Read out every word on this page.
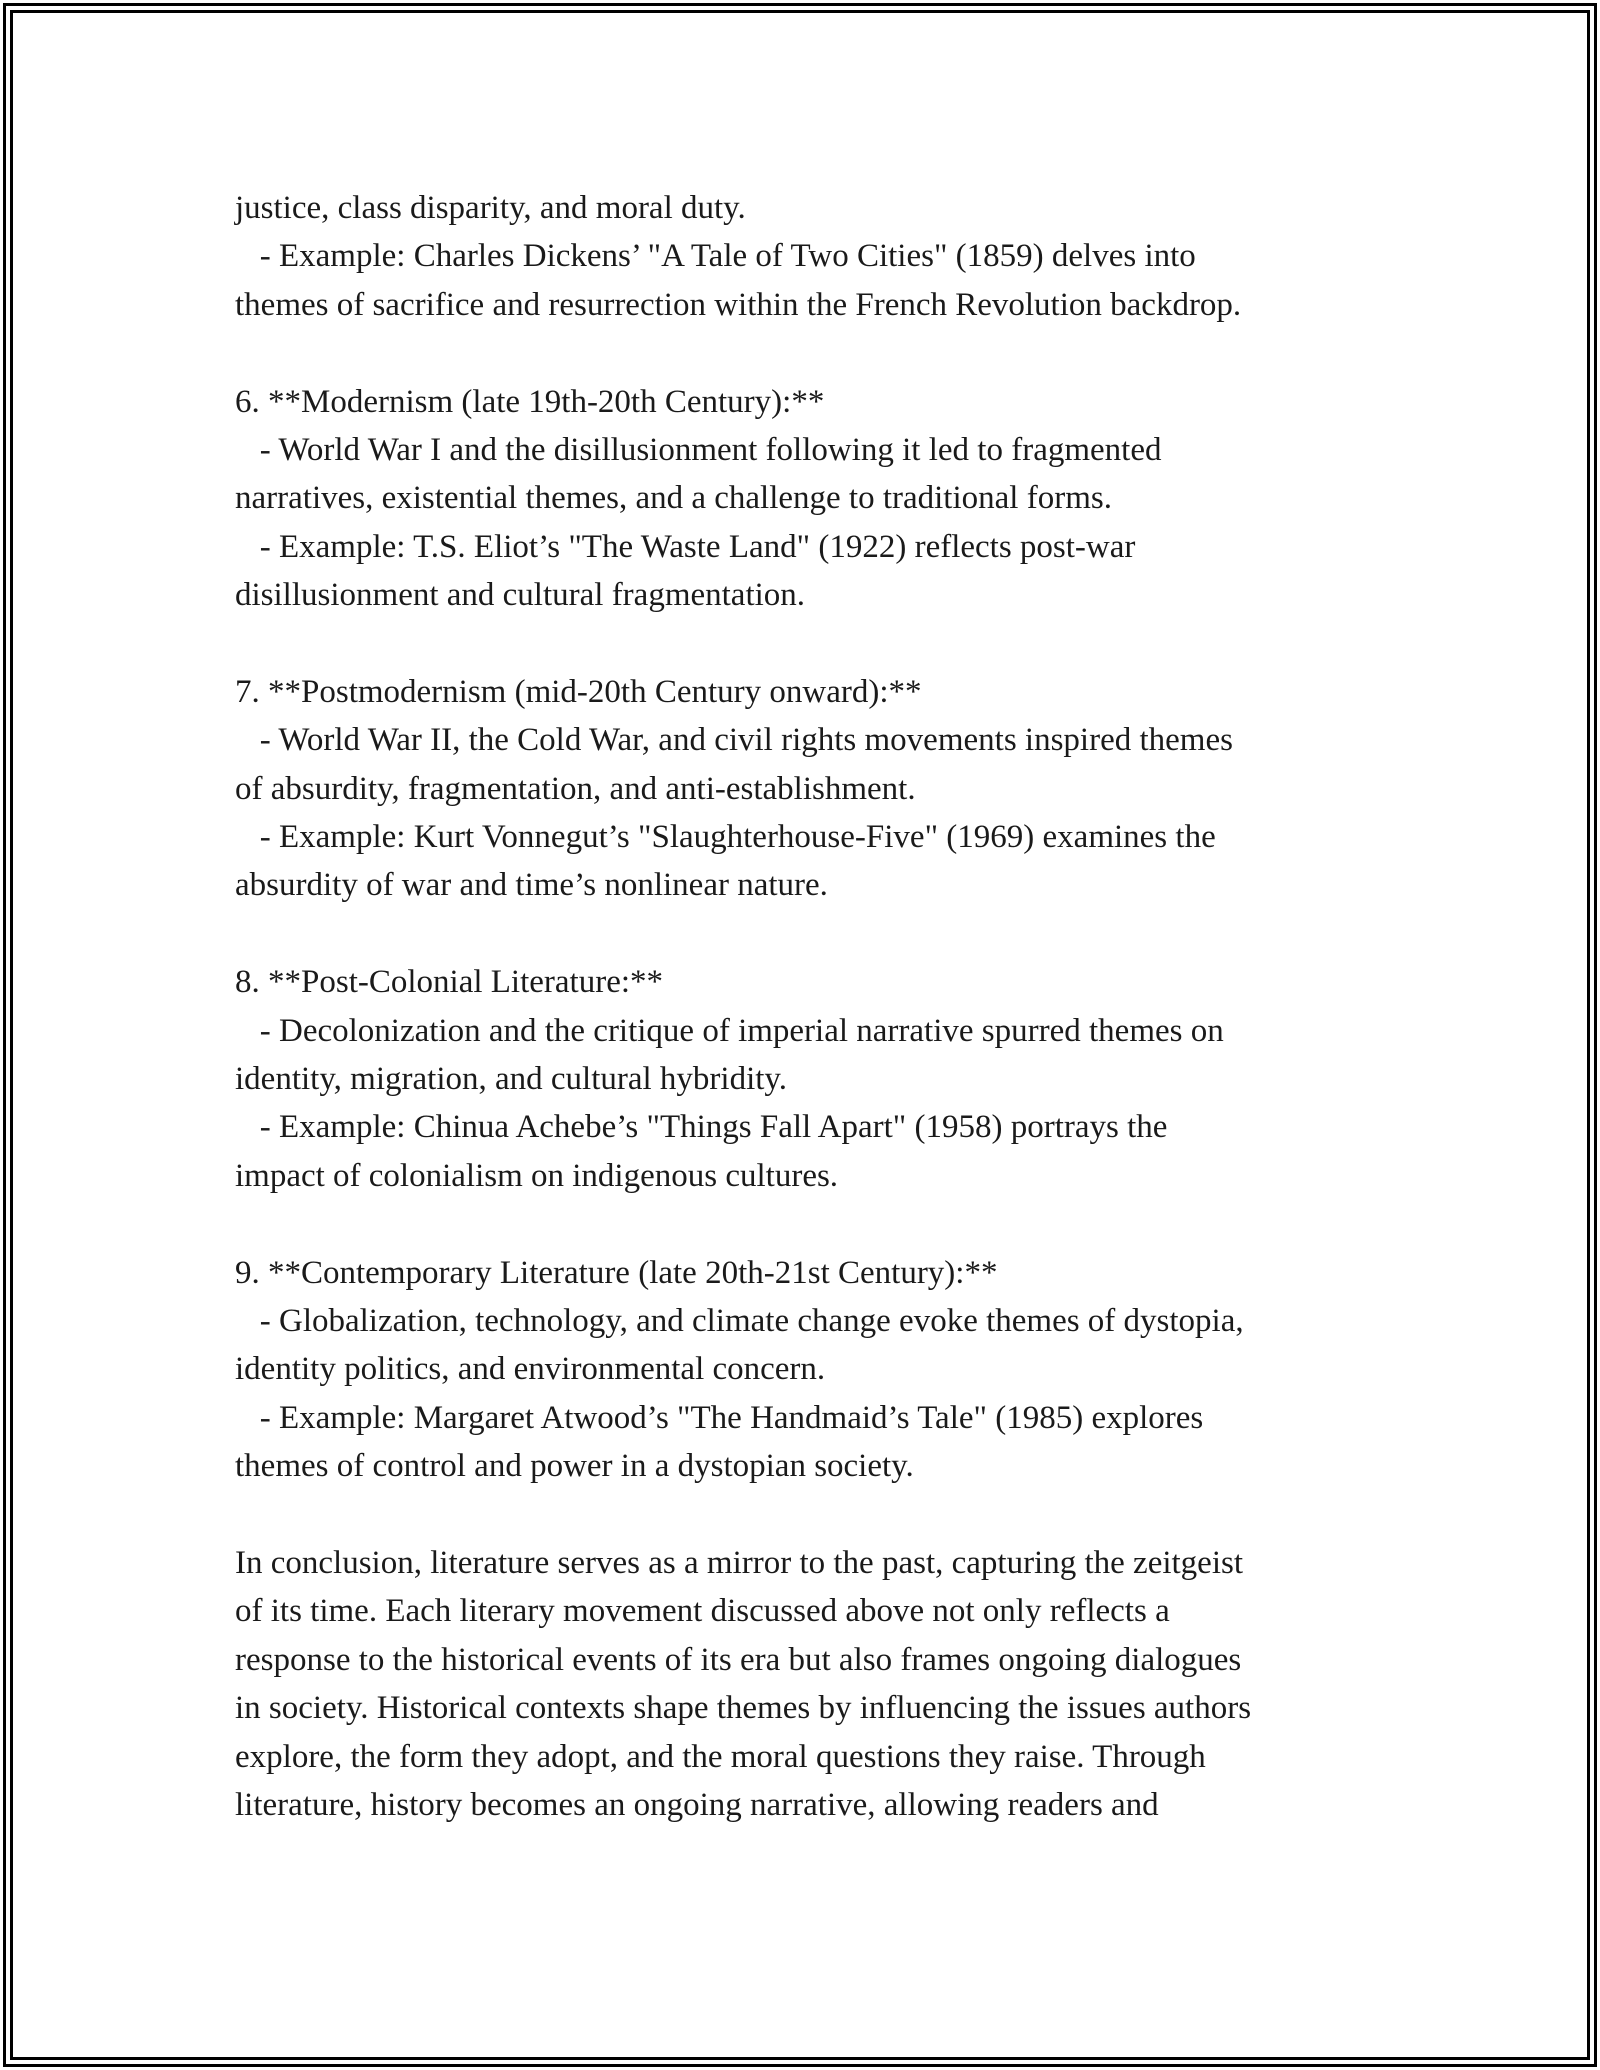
justice, class disparity, and moral duty.
- Example: Charles Dickens’ "A Tale of Two Cities" (1859) delves into
themes of sacrifice and resurrection within the French Revolution backdrop.
6. **Modernism (late 19th-20th Century):**
- World War I and the disillusionment following it led to fragmented
narratives, existential themes, and a challenge to traditional forms.
- Example: T.S. Eliot’s "The Waste Land" (1922) reflects post-war
disillusionment and cultural fragmentation.
7. **Postmodernism (mid-20th Century onward):**
- World War II, the Cold War, and civil rights movements inspired themes
of absurdity, fragmentation, and anti-establishment.
- Example: Kurt Vonnegut’s "Slaughterhouse-Five" (1969) examines the
absurdity of war and time’s nonlinear nature.
8. **Post-Colonial Literature:**
- Decolonization and the critique of imperial narrative spurred themes on
identity, migration, and cultural hybridity.
- Example: Chinua Achebe’s "Things Fall Apart" (1958) portrays the
impact of colonialism on indigenous cultures.
9. **Contemporary Literature (late 20th-21st Century):**
- Globalization, technology, and climate change evoke themes of dystopia,
identity politics, and environmental concern.
- Example: Margaret Atwood’s "The Handmaid’s Tale" (1985) explores
themes of control and power in a dystopian society.
In conclusion, literature serves as a mirror to the past, capturing the zeitgeist
of its time. Each literary movement discussed above not only reflects a
response to the historical events of its era but also frames ongoing dialogues
in society. Historical contexts shape themes by influencing the issues authors
explore, the form they adopt, and the moral questions they raise. Through
literature, history becomes an ongoing narrative, allowing readers and
